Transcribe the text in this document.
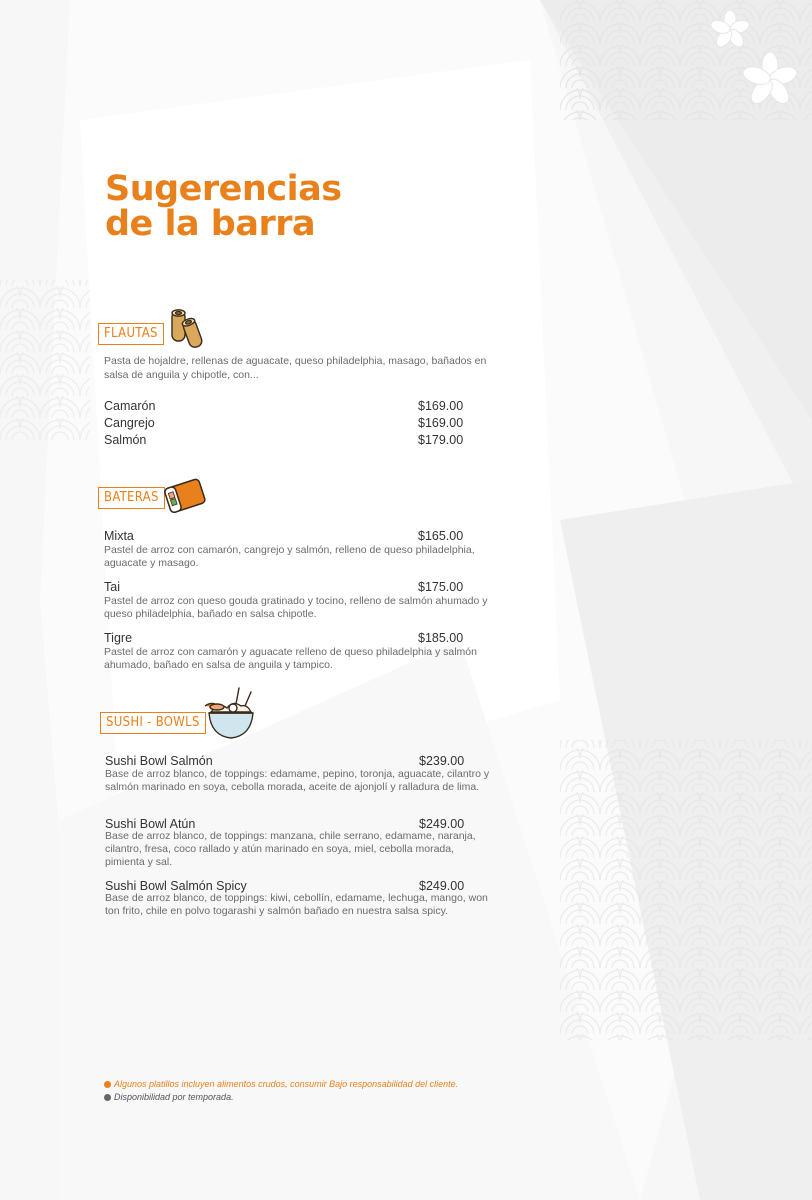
Sugerencias
de la barra
FLAUTAS
Pasta de hojaldre, rellenas de aguacate, queso philadelphia, masago, bañados en salsa de anguila y chipotle, con...
Camarón	$169.00
Cangrejo	$169.00
Salmón	$179.00
BATERAS
Mixta	$165.00
Pastel de arroz con camarón, cangrejo y salmón, relleno de queso philadelphia, aguacate y masago.
Tai	$175.00
Pastel de arroz con queso gouda gratinado y tocino, relleno de salmón ahumado y queso philadelphia, bañado en salsa chipotle.
Tigre	$185.00
Pastel de arroz con camarón y aguacate relleno de queso philadelphia y salmón ahumado, bañado en salsa de anguila y tampico.
SUSHI - BOWLS
Sushi Bowl Salmón	$239.00
Base de arroz blanco, de toppings: edamame, pepino, toronja, aguacate, cilantro y salmón marinado en soya, cebolla morada, aceite de ajonjolí y ralladura de lima.
Sushi Bowl Atún	$249.00
Base de arroz blanco, de toppings: manzana, chile serrano, edamame, naranja, cilantro, fresa, coco rallado y atún marinado en soya, miel, cebolla morada, pimienta y sal.
Sushi Bowl Salmón Spicy	$249.00
Base de arroz blanco, de toppings: kiwi, cebollín, edamame, lechuga, mango, won ton frito, chile en polvo togarashi y salmón bañado en nuestra salsa spicy.
Algunos platillos incluyen alimentos crudos, consumir Bajo responsabilidad del cliente.
Disponibilidad por temporada.
